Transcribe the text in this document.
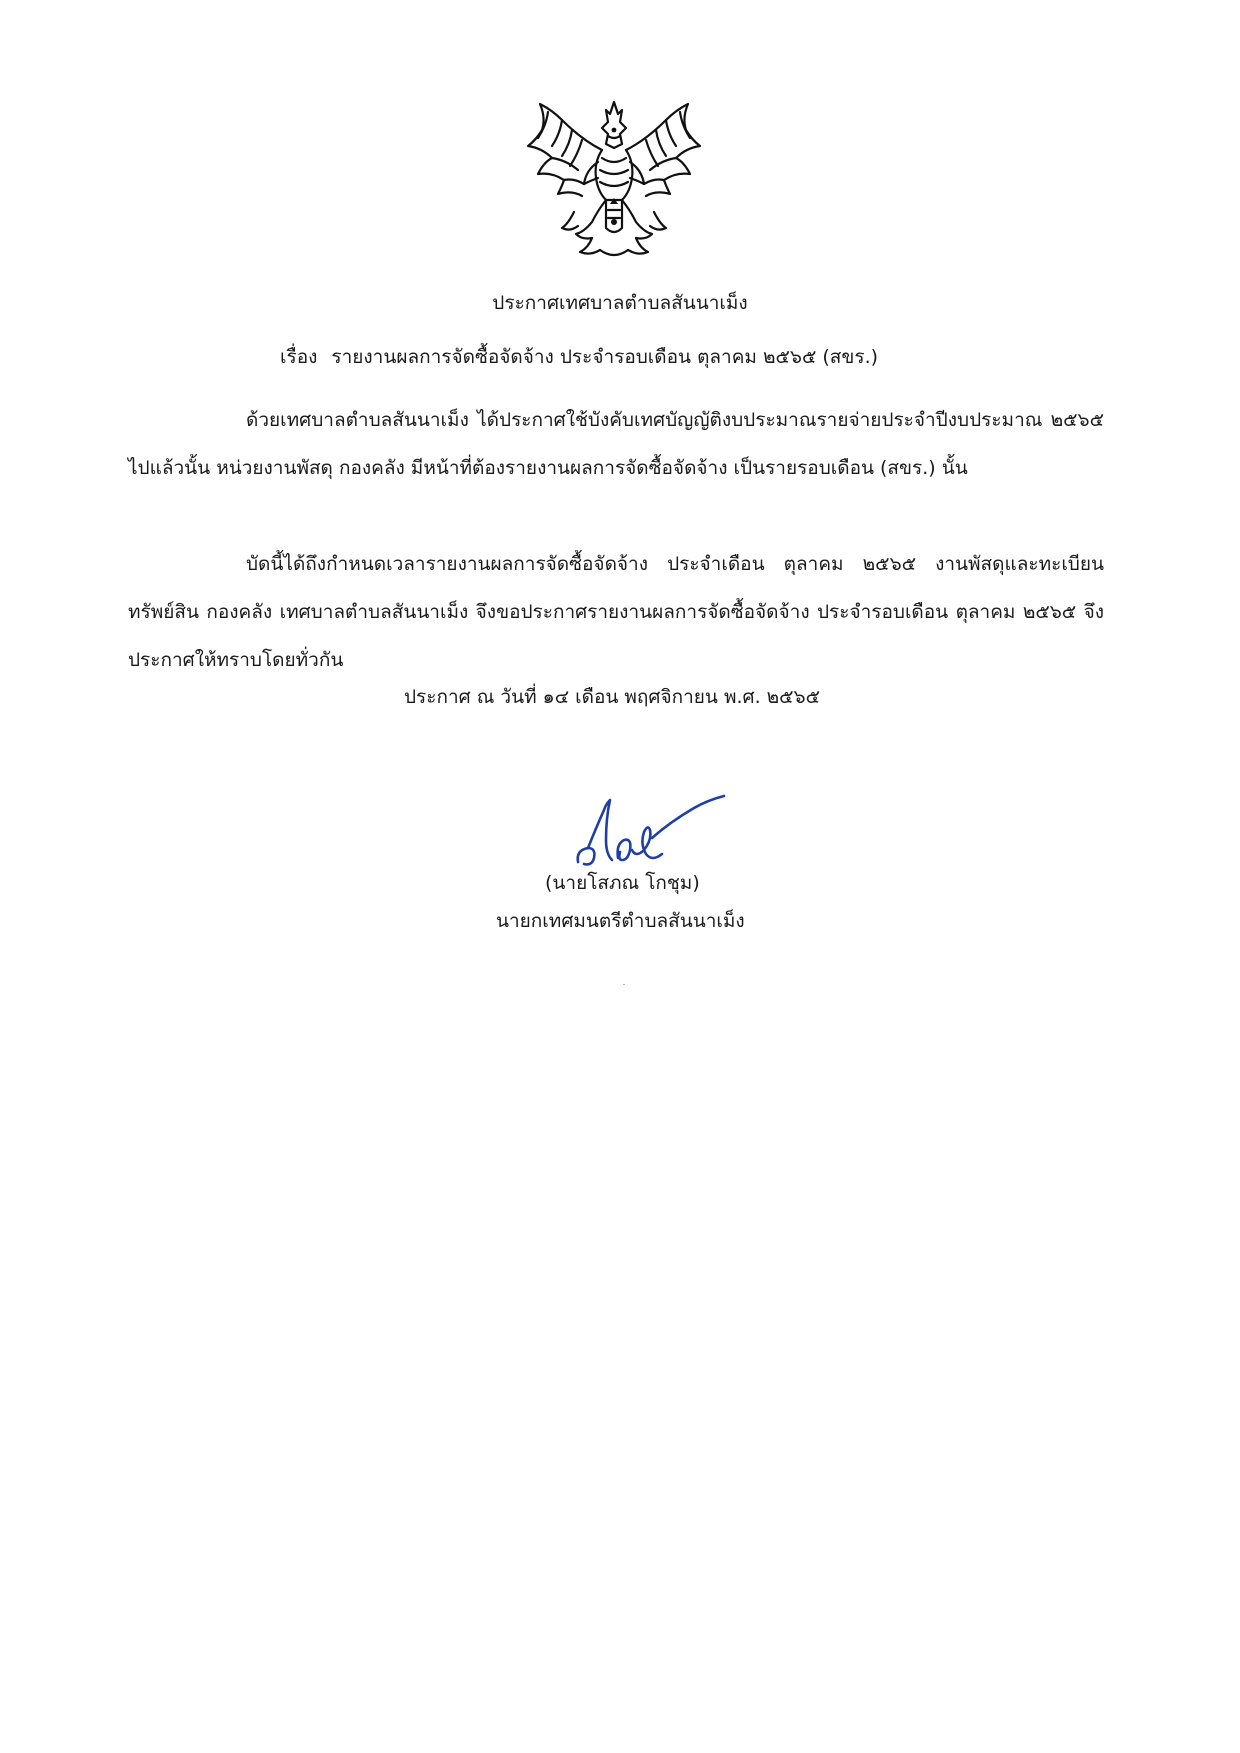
ประกาศเทศบาลตำบลสันนาเม็ง
เรื่อง รายงานผลการจัดซื้อจัดจ้าง ประจำรอบเดือน ตุลาคม ๒๕๖๕ (สขร.)
ด้วยเทศบาลตำบลสันนาเม็ง ได้ประกาศใช้บังคับเทศบัญญัติงบประมาณรายจ่ายประจำปีงบประมาณ ๒๕๖๕ ไปแล้วนั้น หน่วยงานพัสดุ กองคลัง มีหน้าที่ต้องรายงานผลการจัดซื้อจัดจ้าง เป็นรายรอบเดือน (สขร.) นั้น
บัดนี้ได้ถึงกำหนดเวลารายงานผลการจัดซื้อจัดจ้าง ประจำเดือน ตุลาคม ๒๕๖๕ งานพัสดุและทะเบียนทรัพย์สิน กองคลัง เทศบาลตำบลสันนาเม็ง จึงขอประกาศรายงานผลการจัดซื้อจัดจ้าง ประจำรอบเดือน ตุลาคม ๒๕๖๕ จึงประกาศให้ทราบโดยทั่วกัน
ประกาศ ณ วันที่ ๑๔ เดือน พฤศจิกายน พ.ศ. ๒๕๖๕
(นายโสภณ โกชุม)
นายกเทศมนตรีตำบลสันนาเม็ง
